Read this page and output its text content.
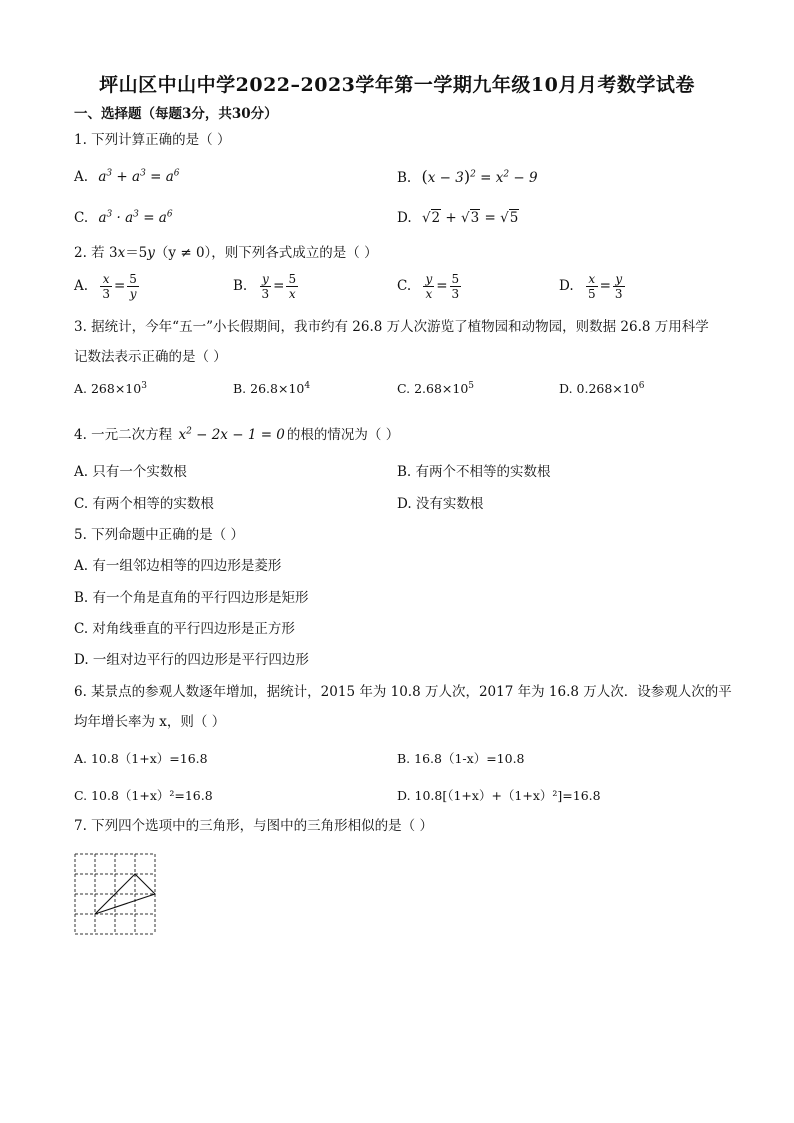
坪山区中山中学2022–2023学年第一学期九年级10月月考数学试卷
一、选择题（每题3分，共30分）
1. 下列计算正确的是（ ）
A. $a^3 + a^3 = a^6$	B. $(x - 3)^2 = x^2 - 9$
C. $a^3 \cdot a^3 = a^6$	D. √2 + √3 = √5
2. 若 3x＝5y（y ≠ 0），则下列各式成立的是（ ）
A. $\frac{x}{3} = \frac{5}{y}$	B. $\frac{y}{3} = \frac{5}{x}$	C. $\frac{y}{x} = \frac{5}{3}$	D. $\frac{x}{5} = \frac{y}{3}$
3. 据统计，今年“五一”小长假期间，我市约有 26.8 万人次游览了植物园和动物园，则数据 26.8 万用科学
记数法表示正确的是（ ）
A. $268\times 10^3$	B. $26.8\times 10^4$	C. $2.68\times 10^5$	D. $0.268\times 10^6$
4. 一元二次方程 $x^2 - 2x - 1 = 0$ 的根的情况为（ ）
A. 只有一个实数根	B. 有两个不相等的实数根
C. 有两个相等的实数根	D. 没有实数根
5. 下列命题中正确的是（ ）
A. 有一组邻边相等的四边形是菱形
B. 有一个角是直角的平行四边形是矩形
C. 对角线垂直的平行四边形是正方形
D. 一组对边平行的四边形是平行四边形
6. 某景点的参观人数逐年增加，据统计，2015 年为 10.8 万人次，2017 年为 16.8 万人次．设参观人次的平
均年增长率为 x，则（ ）
A. 10.8（1+x）=16.8	B. 16.8（1-x）=10.8
C. 10.8（1+x）²=16.8	D. 10.8[（1+x）+（1+x）²]=16.8
7. 下列四个选项中的三角形，与图中的三角形相似的是（ ）
